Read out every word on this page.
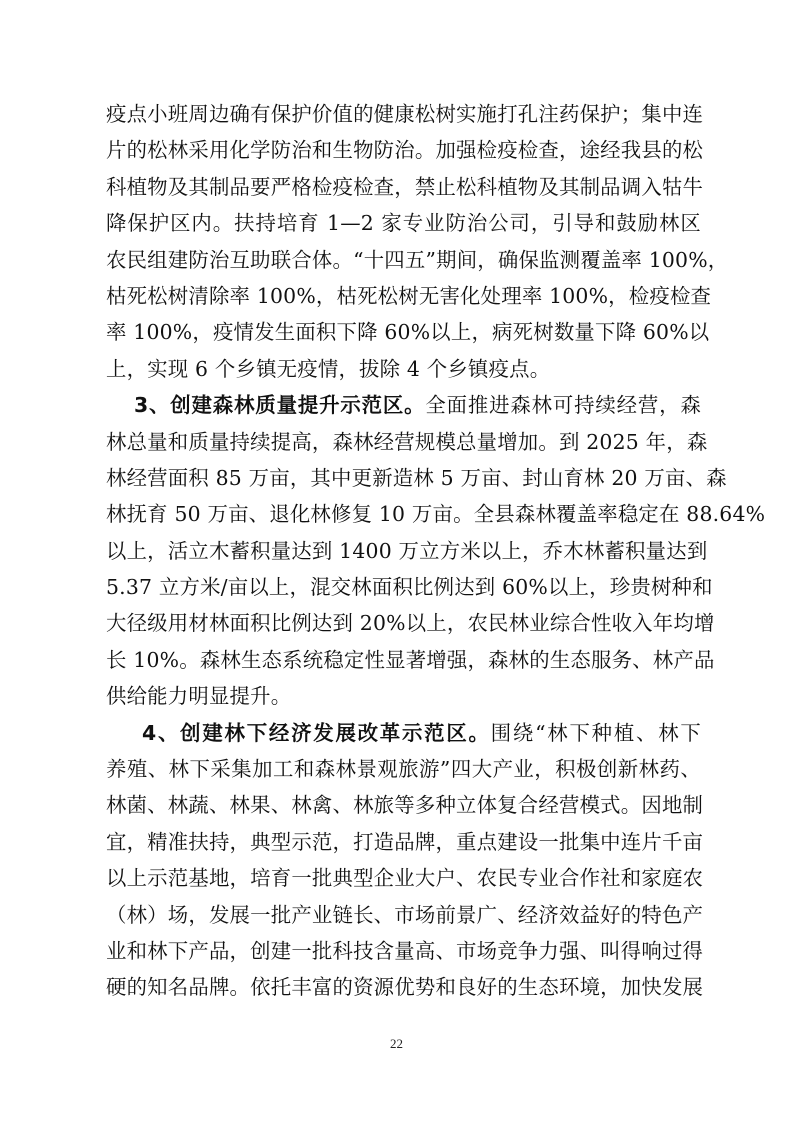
疫点小班周边确有保护价值的健康松树实施打孔注药保护；集中连
片的松林采用化学防治和生物防治。加强检疫检查，途经我县的松
科植物及其制品要严格检疫检查，禁止松科植物及其制品调入牯牛
降保护区内。扶持培育 1—2 家专业防治公司，引导和鼓励林区
农民组建防治互助联合体。“十四五”期间，确保监测覆盖率 100%，
枯死松树清除率 100%，枯死松树无害化处理率 100%，检疫检查
率 100%，疫情发生面积下降 60%以上，病死树数量下降 60%以
上，实现 6 个乡镇无疫情，拔除 4 个乡镇疫点。
3、创建森林质量提升示范区。全面推进森林可持续经营，森
林总量和质量持续提高，森林经营规模总量增加。到 2025 年，森
林经营面积 85 万亩，其中更新造林 5 万亩、封山育林 20 万亩、森
林抚育 50 万亩、退化林修复 10 万亩。全县森林覆盖率稳定在 88.64%
以上，活立木蓄积量达到 1400 万立方米以上，乔木林蓄积量达到
5.37 立方米/亩以上，混交林面积比例达到 60%以上，珍贵树种和
大径级用材林面积比例达到 20%以上，农民林业综合性收入年均增
长 10%。森林生态系统稳定性显著增强，森林的生态服务、林产品
供给能力明显提升。
4、创建林下经济发展改革示范区。围绕“林下种植、林下
养殖、林下采集加工和森林景观旅游”四大产业，积极创新林药、
林菌、林蔬、林果、林禽、林旅等多种立体复合经营模式。因地制
宜，精准扶持，典型示范，打造品牌，重点建设一批集中连片千亩
以上示范基地，培育一批典型企业大户、农民专业合作社和家庭农
（林）场，发展一批产业链长、市场前景广、经济效益好的特色产
业和林下产品，创建一批科技含量高、市场竞争力强、叫得响过得
硬的知名品牌。依托丰富的资源优势和良好的生态环境，加快发展
22
